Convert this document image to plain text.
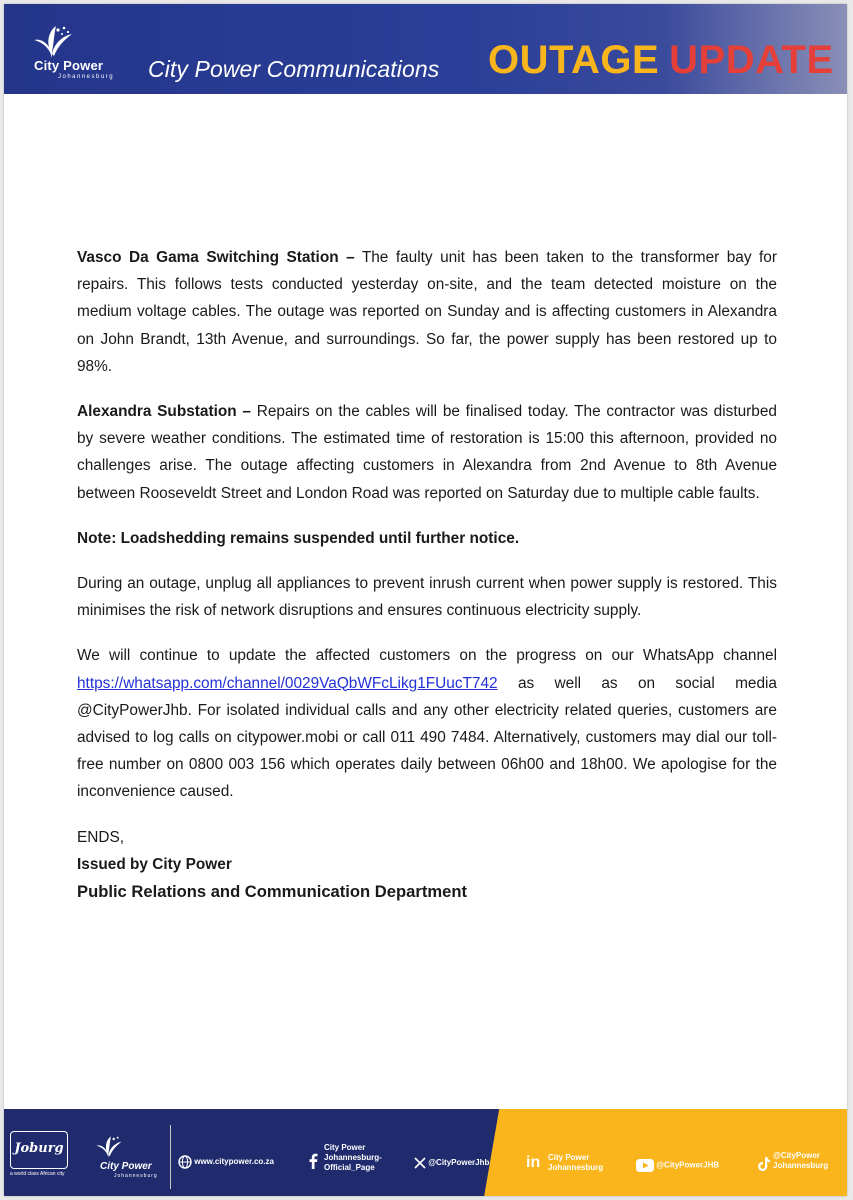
City Power
Johannesburg City Power Communications OUTAGE UPDATE

Vasco Da Gama Switching Station – The faulty unit has been taken to the transformer bay for repairs. This follows tests conducted yesterday on-site, and the team detected moisture on the medium voltage cables. The outage was reported on Sunday and is affecting customers in Alexandra on John Brandt, 13th Avenue, and surroundings. So far, the power supply has been restored up to 98%.

Alexandra Substation – Repairs on the cables will be finalised today. The contractor was disturbed by severe weather conditions. The estimated time of restoration is 15:00 this afternoon, provided no challenges arise. The outage affecting customers in Alexandra from 2nd Avenue to 8th Avenue between Rooseveldt Street and London Road was reported on Saturday due to multiple cable faults.

Note: Loadshedding remains suspended until further notice.

During an outage, unplug all appliances to prevent inrush current when power supply is restored. This minimises the risk of network disruptions and ensures continuous electricity supply.

We will continue to update the affected customers on the progress on our WhatsApp channel https://whatsapp.com/channel/0029VaQbWFcLikg1FUucT742 as well as on social media @CityPowerJhb. For isolated individual calls and any other electricity related queries, customers are advised to log calls on citypower.mobi or call 011 490 7484. Alternatively, customers may dial our toll-free number on 0800 003 156 which operates daily between 06h00 and 18h00. We apologise for the inconvenience caused.

ENDS,

Issued by City Power

Public Relations and Communication Department

Joburg
a world class African city
City Power
Johannesburg
www.citypower.co.za
City Power Johannesburg-Official_Page
@CityPowerJhb in City Power Johannesburg	@CityPowerJHB
@CityPower Johannesburg
